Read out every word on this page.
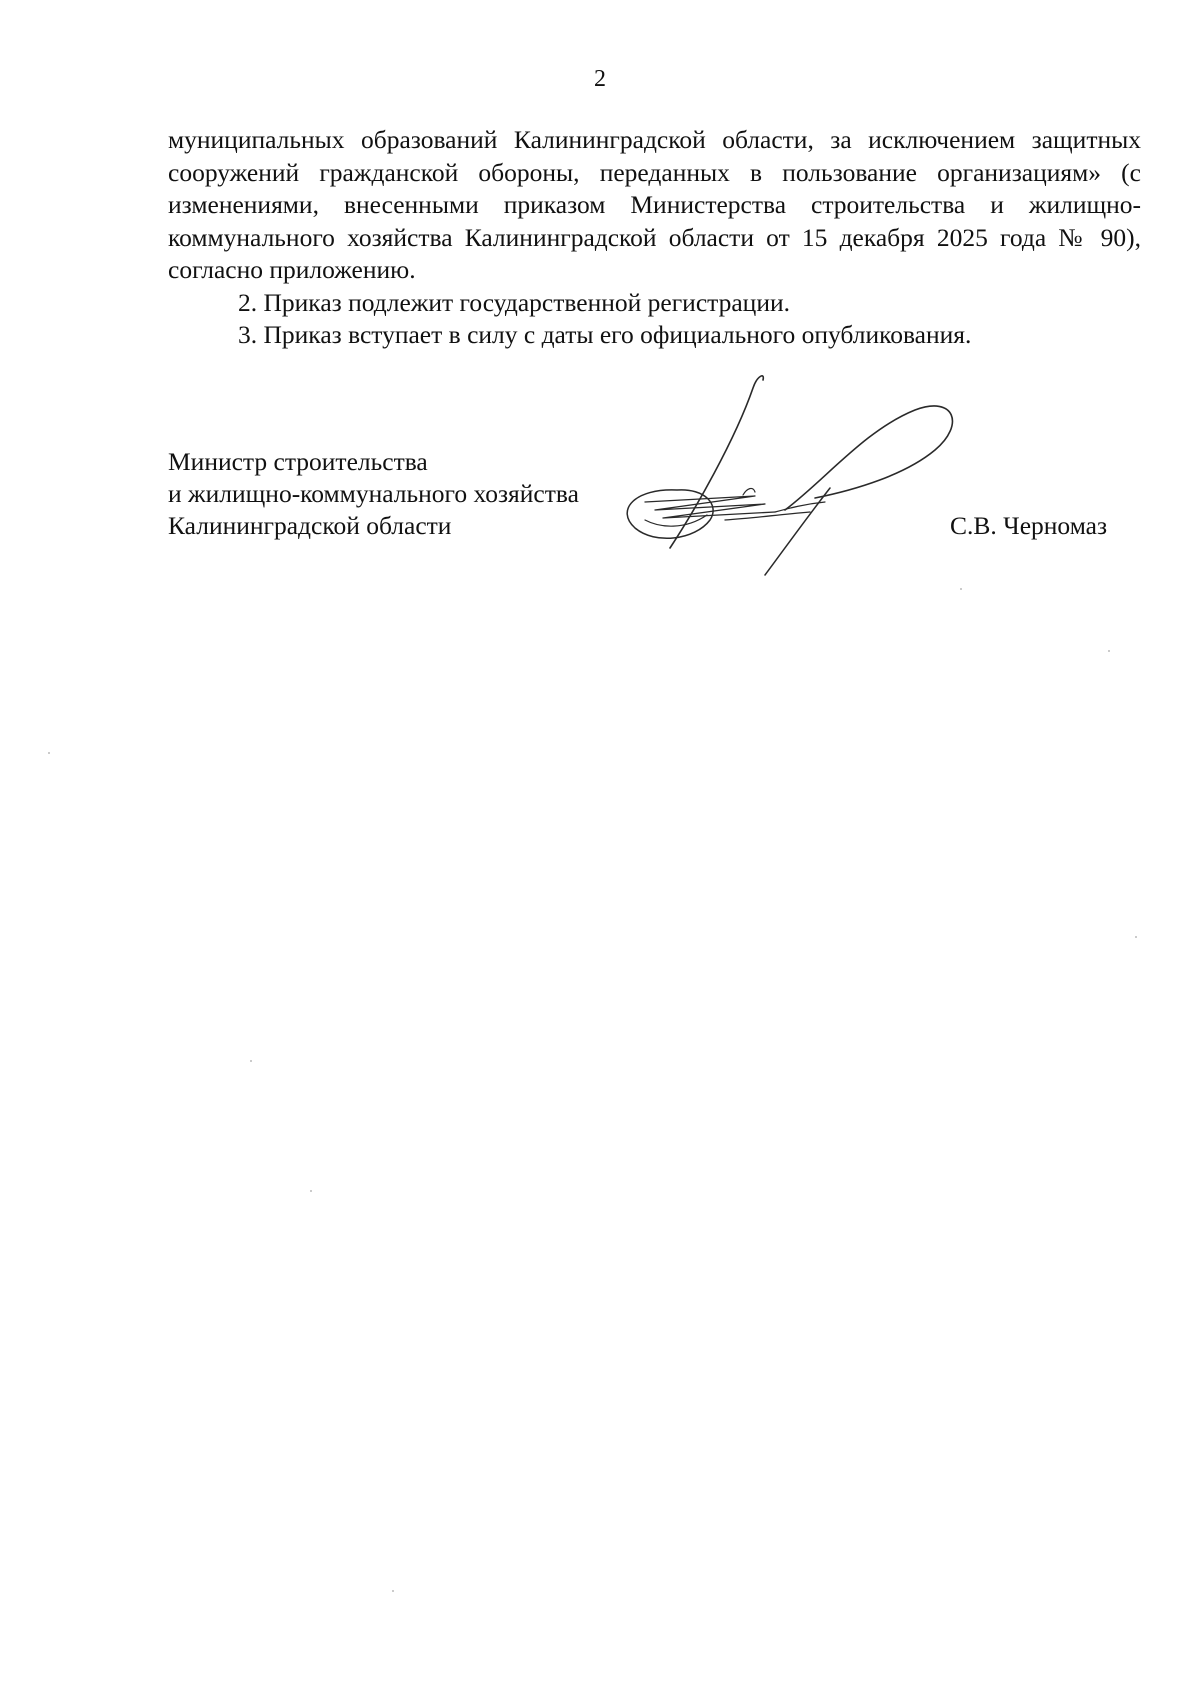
2

муниципальных образований Калининградской области, за исключением защитных сооружений гражданской обороны, переданных в пользование организациям» (с изменениями, внесенными приказом Министерства строительства и жилищно-коммунального хозяйства Калининградской области от 15 декабря 2025 года № 90), согласно приложению.

2. Приказ подлежит государственной регистрации.

3. Приказ вступает в силу с даты его официального опубликования.

Министр строительства
и жилищно-коммунального хозяйства
Калининградской области	С.В. Черномаз
